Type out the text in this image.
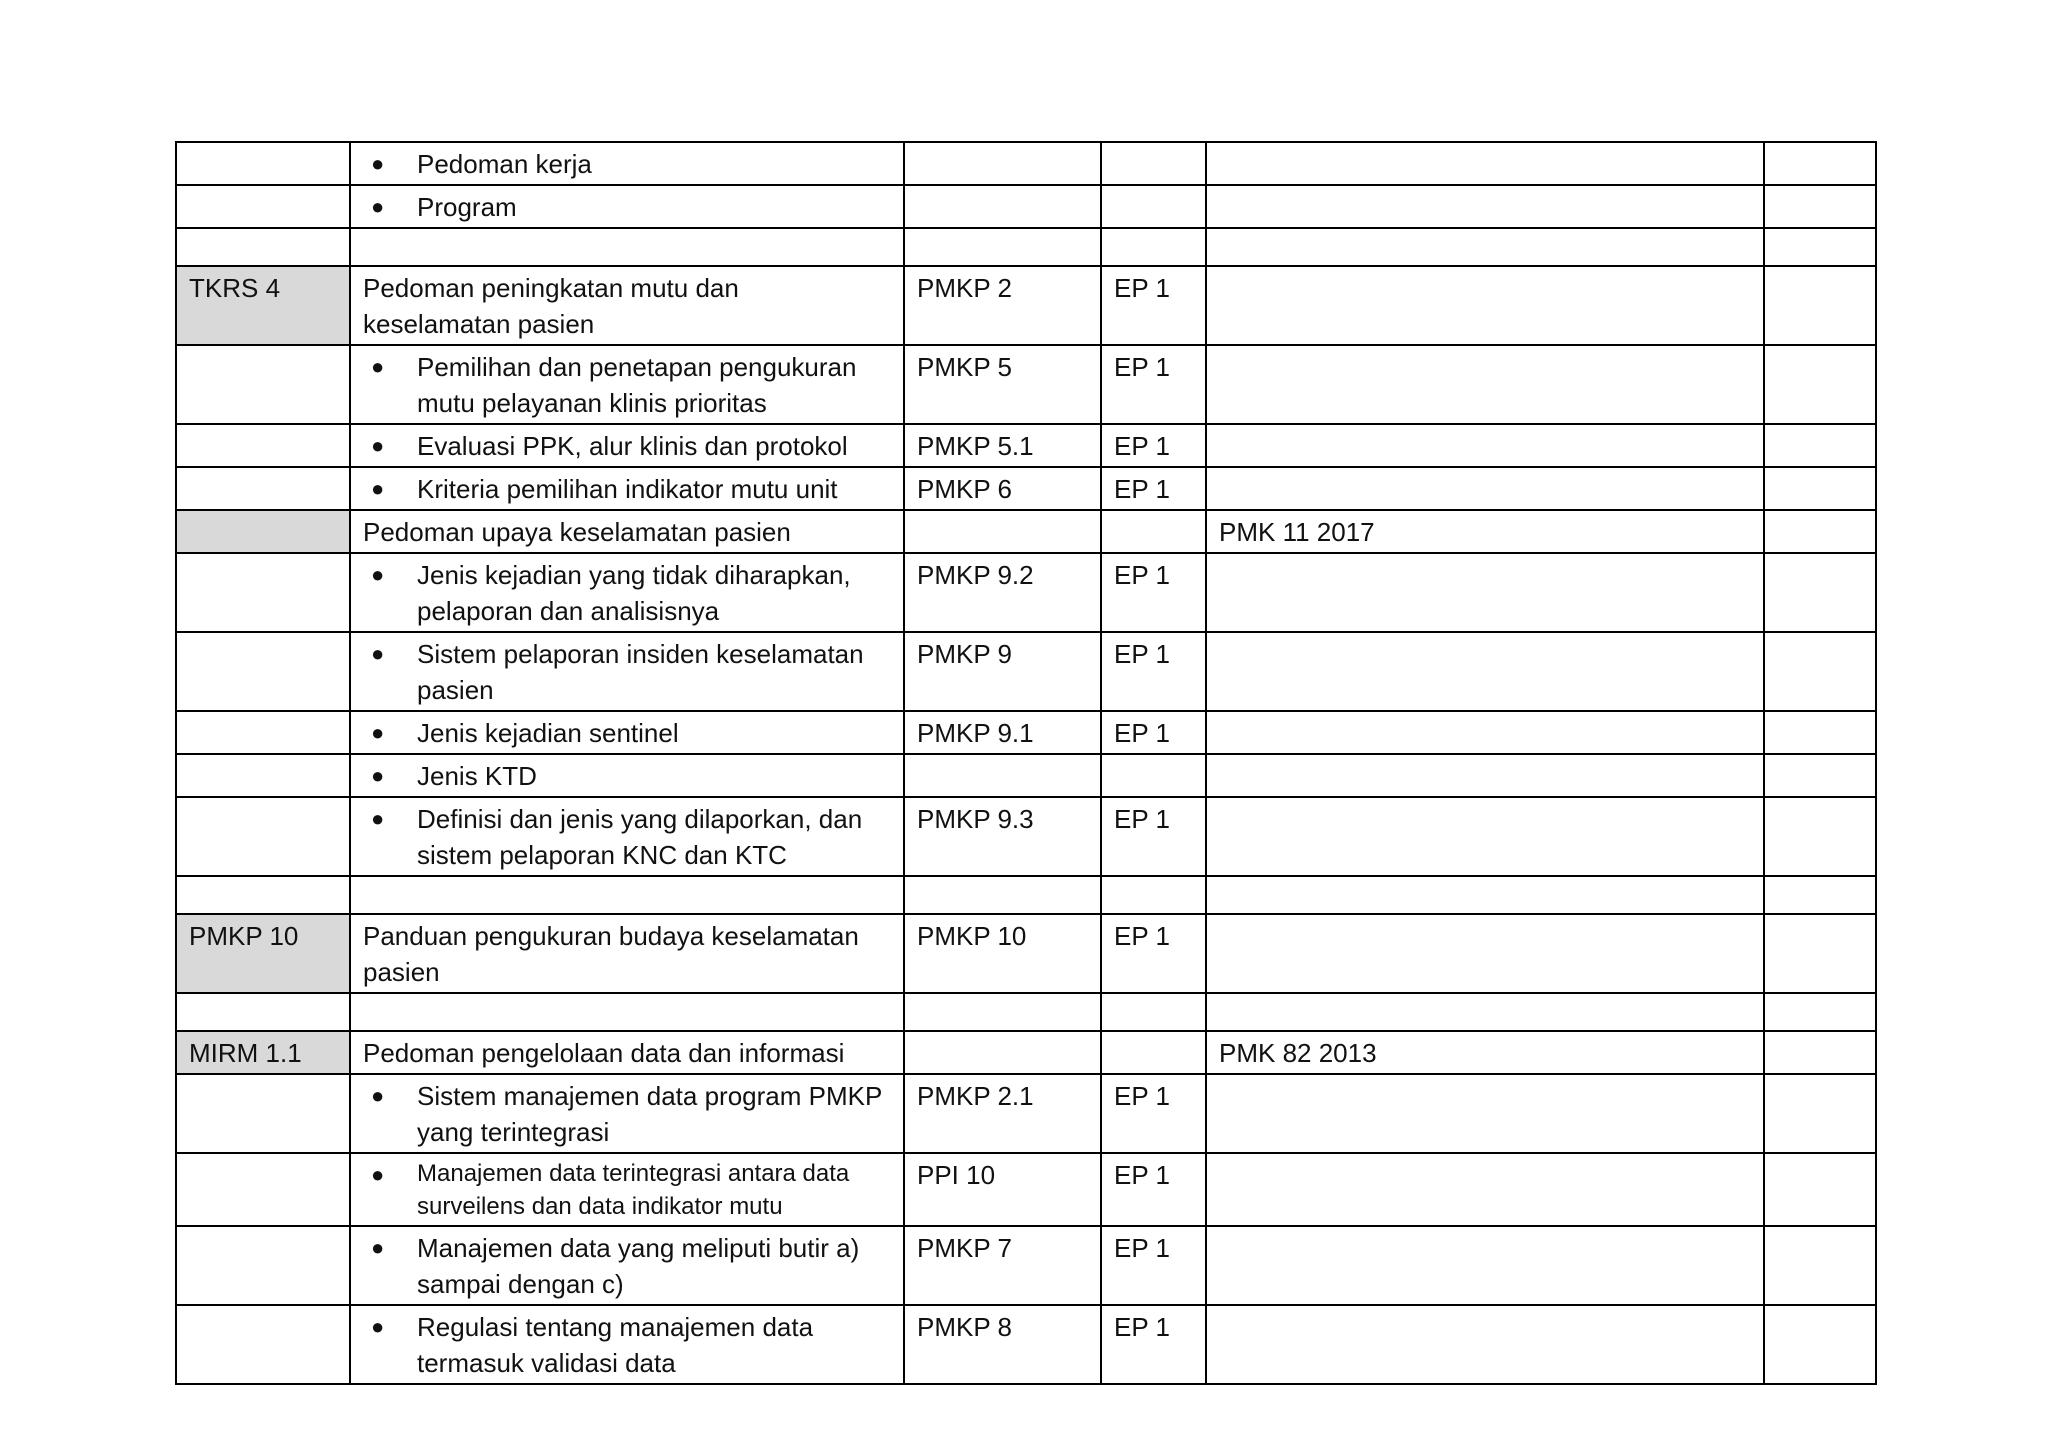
	● Pedoman kerja				

	● Program				

TKRS 4	Pedoman peningkatan mutu dan keselamatan pasien	PMKP 2	EP 1		

	● Pemilihan dan penetapan pengukuran mutu pelayanan klinis prioritas	PMKP 5	EP 1		

	● Evaluasi PPK, alur klinis dan protokol	PMKP 5.1	EP 1		

	● Kriteria pemilihan indikator mutu unit	PMKP 6	EP 1		
	Pedoman upaya keselamatan pasien			PMK 11 2017	

	● Jenis kejadian yang tidak diharapkan, pelaporan dan analisisnya	PMKP 9.2	EP 1		

	● Sistem pelaporan insiden keselamatan pasien	PMKP 9	EP 1		

	● Jenis kejadian sentinel	PMKP 9.1	EP 1		

	● Jenis KTD				

	● Definisi dan jenis yang dilaporkan, dan sistem pelaporan KNC dan KTC	PMKP 9.3	EP 1		

PMKP 10	Panduan pengukuran budaya keselamatan pasien	PMKP 10	EP 1		

MIRM 1.1	Pedoman pengelolaan data dan informasi			PMK 82 2013	

	● Sistem manajemen data program PMKP yang terintegrasi	PMKP 2.1	EP 1		

	● Manajemen data terintegrasi antara data surveilens dan data indikator mutu	PPI 10	EP 1		

	● Manajemen data yang meliputi butir a) sampai dengan c)	PMKP 7	EP 1		

	● Regulasi tentang manajemen data termasuk validasi data	PMKP 8	EP 1		
